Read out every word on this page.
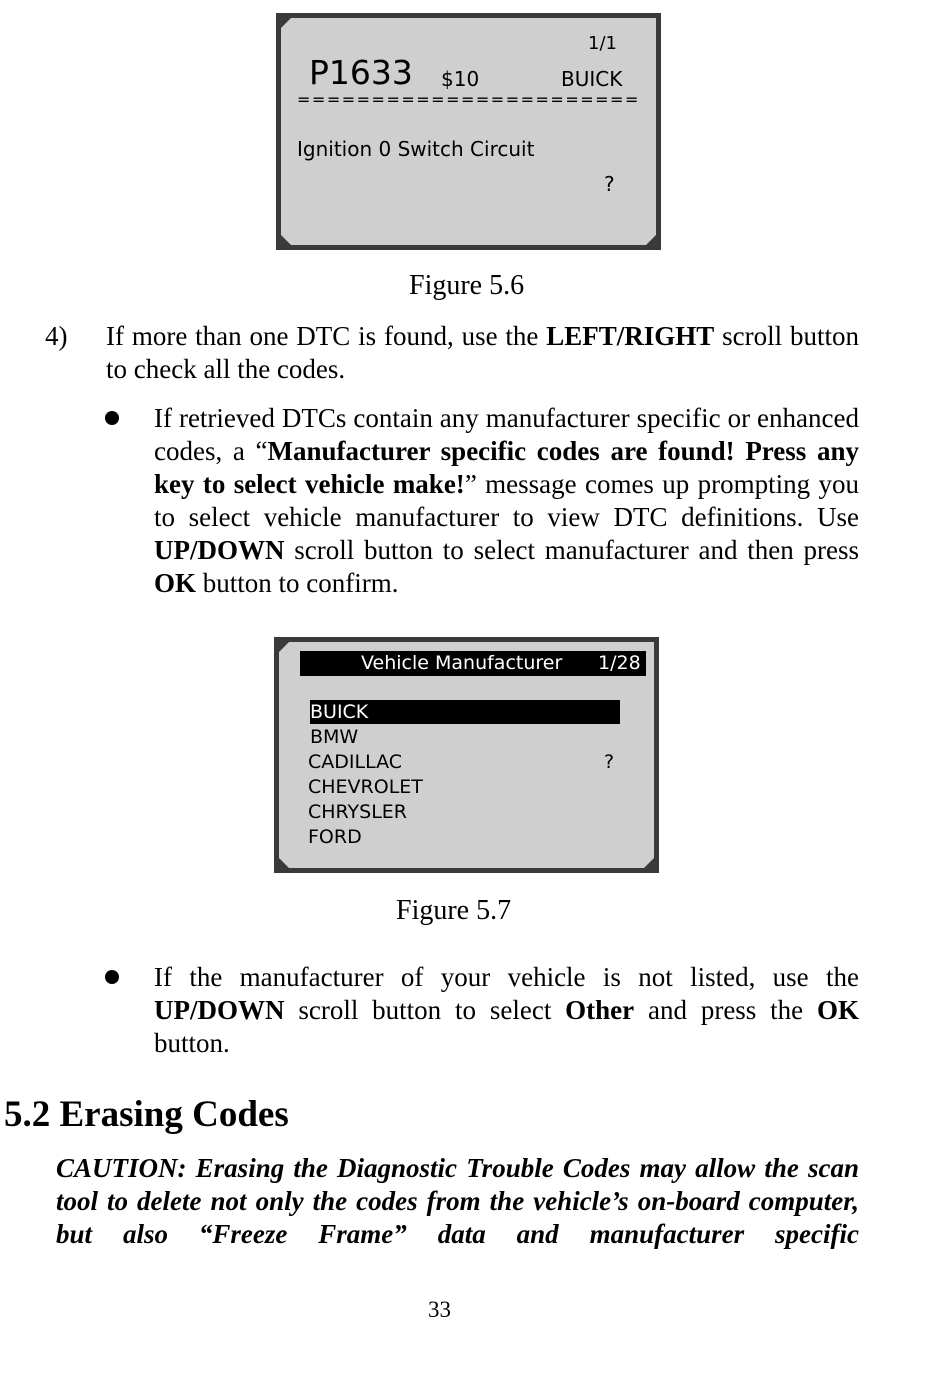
1/1
P1633 $10	BUICK
=======================
Ignition 0 Switch Circuit
?
Figure 5.6
4) If more than one DTC is found, use the LEFT/RIGHT scroll button to check all the codes.
If retrieved DTCs contain any manufacturer specific or enhanced codes, a “Manufacturer specific codes are found! Press any key to select vehicle make!” message comes up prompting you to select vehicle manufacturer to view DTC definitions. Use UP/DOWN scroll button to select manufacturer and then press OK button to confirm.
Vehicle Manufacturer 1/28
BUICK
BMW
CADILLAC
CHEVROLET
CHRYSLER
FORD
?
Figure 5.7
If the manufacturer of your vehicle is not listed, use the UP/DOWN scroll button to select Other and press the OK button.
5.2 Erasing Codes
CAUTION: Erasing the Diagnostic Trouble Codes may allow the scan tool to delete not only the codes from the vehicle’s on-board computer, but also “Freeze Frame” data and manufacturer specific
33
